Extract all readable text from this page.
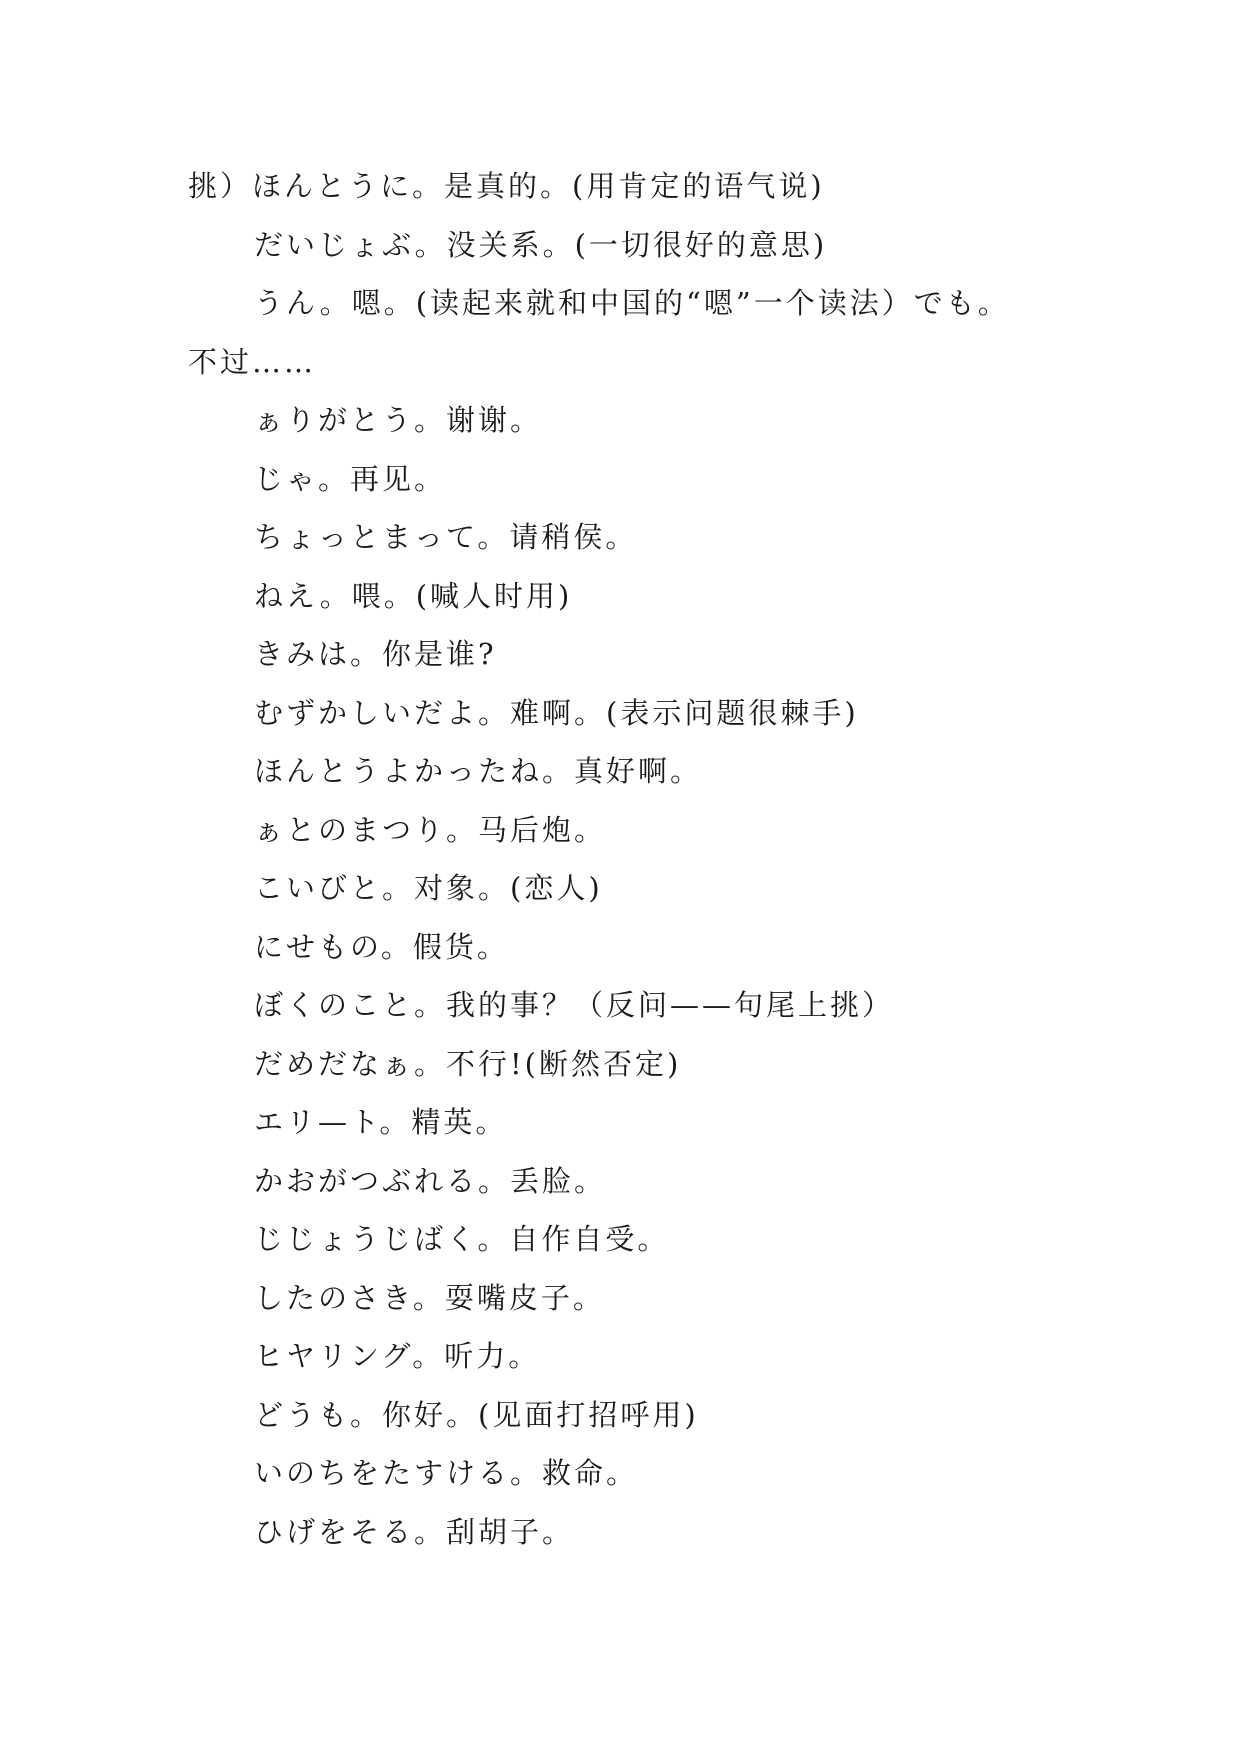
挑）ほんとうに。是真的。(用肯定的语气说)
だいじょぶ。没关系。(一切很好的意思)
うん。嗯。(读起来就和中国的“嗯”一个读法）でも。
不过……
ぁりがとう。谢谢。
じゃ。再见。
ちょっとまって。请稍侯。
ねえ。喂。(喊人时用)
きみは。你是谁?
むずかしいだよ。难啊。(表示问题很棘手)
ほんとうよかったね。真好啊。
ぁとのまつり。马后炮。
こいびと。对象。(恋人)
にせもの。假货。
ぼくのこと。我的事？（反问——句尾上挑）
だめだなぁ。不行!(断然否定)
エリ—ト。精英。
かおがつぶれる。丢脸。
じじょうじばく。自作自受。
したのさき。耍嘴皮子。
ヒヤリング。听力。
どうも。你好。(见面打招呼用)
いのちをたすける。救命。
ひげをそる。刮胡子。
